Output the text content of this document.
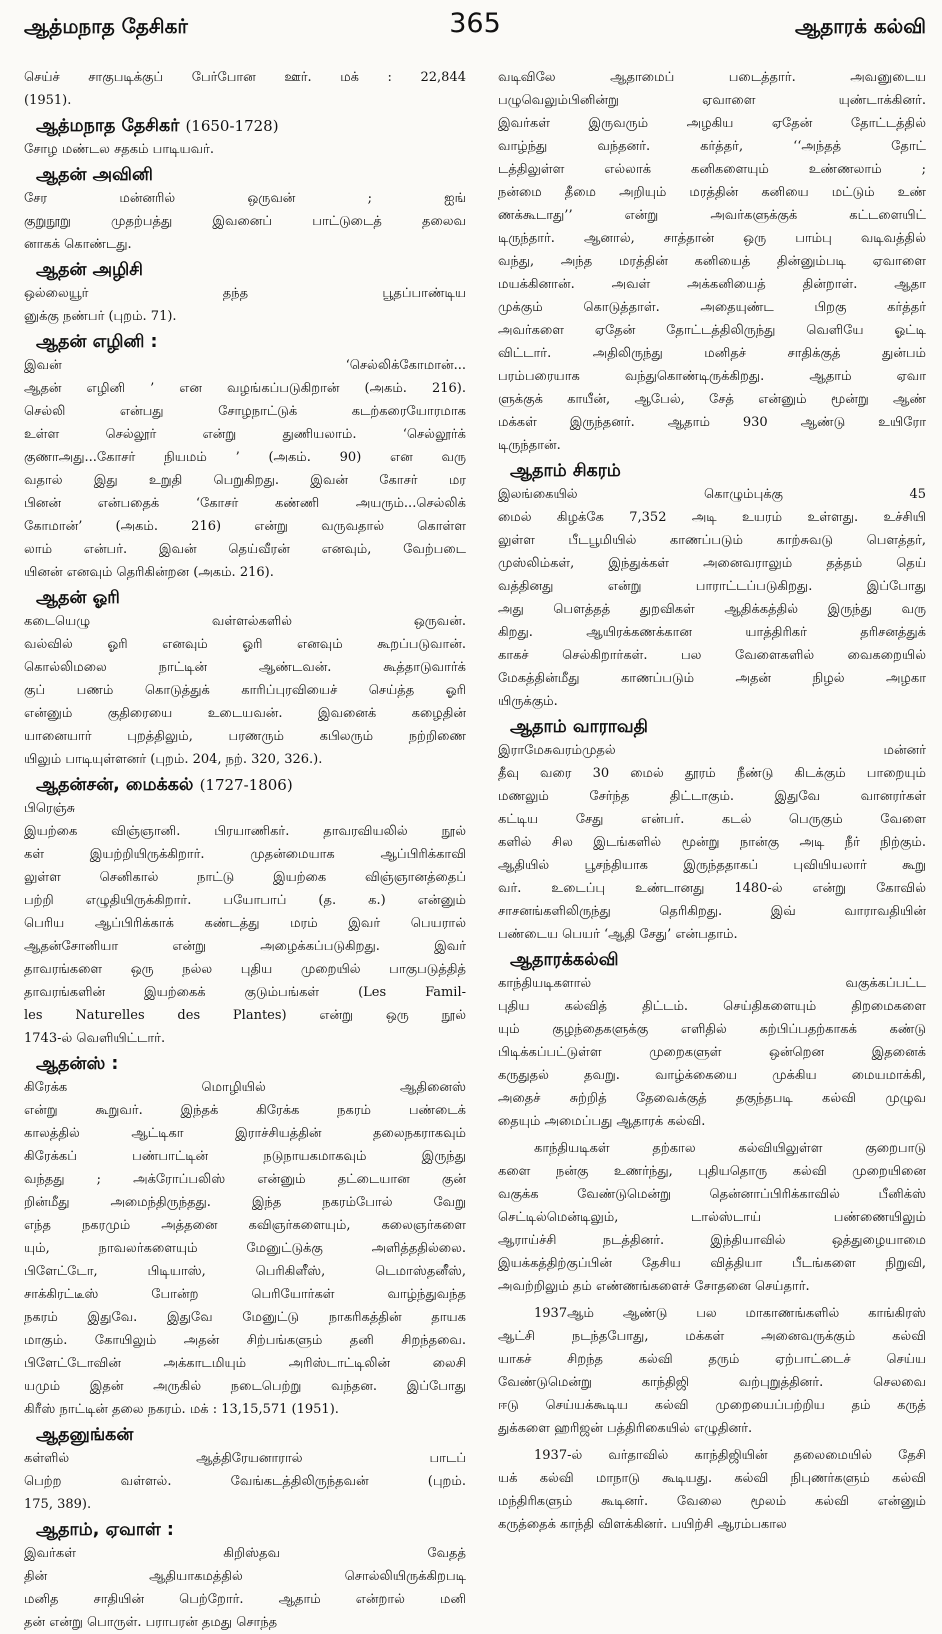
ஆத்மநாத தேசிகர்	365	ஆதாரக் கல்வி
செய்ச் சாகுபடிக்குப் பேர்போன ஊர். மக் : 22,844
(1951).
ஆத்மநாத தேசிகர் (1650-1728)
சோழ மண்டல சதகம் பாடியவர்.
ஆதன் அவினி
சேர மன்னரில் ஒருவன் ; ஐங்
குறுநூறு முதற்பத்து இவனைப் பாட்டுடைத் தலைவ
னாகக் கொண்டது.
ஆதன் அழிசி
ஒல்லையூர் தந்த பூதப்பாண்டிய
னுக்கு நண்பர் (புறம். 71).
ஆதன் எழினி :
இவன் ‘செல்லிக்கோமான்...
ஆதன் எழினி ’ என வழங்கப்படுகிறான் (அகம். 216).
செல்லி என்பது சோழநாட்டுக் கடற்கரையோரமாக
உள்ள செல்லூர் என்று துணியலாம். ‘செல்லூர்க்
குணாஅது...கோசர் நியமம் ’ (அகம். 90) என வரு
வதால் இது உறுதி பெறுகிறது. இவன் கோசர் மர
பினன் என்பதைக் ‘கோசர் கண்ணி அயரும்...செல்லிக்
கோமான்’ (அகம். 216) என்று வருவதால் கொள்ள
லாம் என்பர். இவன் தெய்வீரன் எனவும், வேற்படை
யினன் எனவும் தெரிகின்றன (அகம். 216).
ஆதன் ஓரி
கடையெழு வள்ளல்களில் ஒருவன்.
வல்வில் ஓரி எனவும் ஓரி எனவும் கூறப்படுவான்.
கொல்லிமலை நாட்டின் ஆண்டவன். கூத்தாடுவார்க்
குப் பணம் கொடுத்துக் காரிப்புரவியைச் செய்த்த ஓரி
என்னும் குதிரையை உடையவன். இவனைக் கழைதின்
யானையார் புறத்திலும், பரணரும் கபிலரும் நற்றிணை
யிலும் பாடியுள்ளனர் (புறம். 204, நற். 320, 326.).
ஆதன்சன், மைக்கல் (1727-1806)
பிரெஞ்சு
இயற்கை விஞ்ஞானி. பிரயாணிகர். தாவரவியலில் நூல்
கள் இயற்றியிருக்கிறார். முதன்மையாக ஆப்பிரிக்காவி
லுள்ள செனிகால் நாட்டு இயற்கை விஞ்ஞானத்தைப்
பற்றி எழுதியிருக்கிறார். பயோபாப் (த. க.) என்னும்
பெரிய ஆப்பிரிக்காக் கண்டத்து மரம் இவர் பெயரால்
ஆதன்சோனியா என்று அழைக்கப்படுகிறது. இவர்
தாவரங்களை ஒரு நல்ல புதிய முறையில் பாகுபடுத்தித்
தாவரங்களின் இயற்கைக் குடும்பங்கள் (Les Famil-
les Naturelles des Plantes) என்று ஒரு நூல்
1743-ல் வெளியிட்டார்.
ஆதன்ஸ் :
கிரேக்க மொழியில் ஆதினைஸ்
என்று கூறுவர். இந்தக் கிரேக்க நகரம் பண்டைக்
காலத்தில் ஆட்டிகா இராச்சியத்தின் தலைநகராகவும்
கிரேக்கப் பண்பாட்டின் நடுநாயகமாகவும் இருந்து
வந்தது ; அக்ரோப்பலிஸ் என்னும் தட்டையான குன்
றின்மீது அமைந்திருந்தது. இந்த நகரம்போல் வேறு
எந்த நகரமும் அத்தனை கவிஞர்களையும், கலைஞர்களை
யும், நாவலர்களையும் மேனுட்டுக்கு அளித்ததில்லை.
பிளேட்டோ, பிடியாஸ், பெரிகிளீஸ், டெமாஸ்தனீஸ்,
சாக்கிரட்டீஸ் போன்ற பெரியோர்கள் வாழ்ந்துவந்த
நகரம் இதுவே. இதுவே மேனுட்டு நாகரிகத்தின் தாயக
மாகும். கோயிலும் அதன் சிற்பங்களும் தனி சிறந்தவை.
பிளேட்டோவின் அக்காடமியும் அரிஸ்டாட்டிலின் லைசி
யமும் இதன் அருகில் நடைபெற்று வந்தன. இப்போது
கிரீஸ் நாட்டின் தலை நகரம். மக் : 13,15,571 (1951).
ஆதனுங்கன்
கள்ளில் ஆத்திரேயனாரால் பாடப்
பெற்ற வள்ளல். வேங்கடத்திலிருந்தவன் (புறம்.
175, 389).
ஆதாம், ஏவாள் :
இவர்கள் கிறிஸ்தவ வேதத்
தின் ஆதியாகமத்தில் சொல்லியிருக்கிறபடி
மனித சாதியின் பெற்றோர். ஆதாம் என்றால் மனி
தன் என்று பொருள். பராபரன் தமது சொந்த
வடிவிலே ஆதாமைப் படைத்தார். அவனுடைய
பழுவெலும்பினின்று ஏவாளை யுண்டாக்கினர்.
இவர்கள் இருவரும் அழகிய ஏதேன் தோட்டத்தில்
வாழ்ந்து வந்தனர். கர்த்தர், ‘‘அந்தத் தோட்
டத்திலுள்ள எல்லாக் கனிகளையும் உண்ணலாம் ;
நன்மை தீமை அறியும் மரத்தின் கனியை மட்டும் உண்
ணக்கூடாது’’ என்று அவர்களுக்குக் கட்டளையிட்
டிருந்தார். ஆனால், சாத்தான் ஒரு பாம்பு வடிவத்தில்
வந்து, அந்த மரத்தின் கனியைத் தின்னும்படி ஏவாளை
மயக்கினான். அவள் அக்கனியைத் தின்றாள். ஆதா
முக்கும் கொடுத்தாள். அதையுண்ட பிறகு கர்த்தர்
அவர்களை ஏதேன் தோட்டத்திலிருந்து வெளியே ஓட்டி
விட்டார். அதிலிருந்து மனிதச் சாதிக்குத் துன்பம்
பரம்பரையாக வந்துகொண்டிருக்கிறது. ஆதாம் ஏவா
ளுக்குக் காயீன், ஆபேல், சேத் என்னும் மூன்று ஆண்
மக்கள் இருந்தனர். ஆதாம் 930 ஆண்டு உயிரோ
டிருந்தான்.
ஆதாம் சிகரம்
இலங்கையில் கொழும்புக்கு 45
மைல் கிழக்கே 7,352 அடி உயரம் உள்ளது. உச்சியி
லுள்ள பீடபூமியில் காணப்படும் காற்சுவடு பௌத்தர்,
முஸ்லிம்கள், இந்துக்கள் அனைவராலும் தத்தம் தெய்
வத்தினது என்று பாராட்டப்படுகிறது. இப்போது
அது பௌத்தத் துறவிகள் ஆதிக்கத்தில் இருந்து வரு
கிறது. ஆயிரக்கணக்கான யாத்திரிகர் தரிசனத்துக்
காகச் செல்கிறார்கள். பல வேளைகளில் வைகறையில்
மேகத்தின்மீது காணப்படும் அதன் நிழல் அழகா
யிருக்கும்.
ஆதாம் வாராவதி
இராமேசுவரம்முதல் மன்னர்
தீவு வரை 30 மைல் தூரம் நீண்டு கிடக்கும் பாறையும்
மணலும் சேர்ந்த திட்டாகும். இதுவே வானரர்கள்
கட்டிய சேது என்பர். கடல் பெருகும் வேளை
களில் சில இடங்களில் மூன்று நான்கு அடி நீர் நிற்கும்.
ஆதியில் பூசந்தியாக இருந்ததாகப் புவியியலார் கூறு
வர். உடைப்பு உண்டானது 1480-ல் என்று கோவில்
சாசனங்களிலிருந்து தெரிகிறது. இவ் வாராவதியின்
பண்டைய பெயர் ‘ஆதி சேது’ என்பதாம்.
ஆதாரக்கல்வி
காந்தியடிகளால் வகுக்கப்பட்ட
புதிய கல்வித் திட்டம். செய்திகளையும் திறமைகளை
யும் குழந்தைகளுக்கு எளிதில் கற்பிப்பதற்காகக் கண்டு
பிடிக்கப்பட்டுள்ள முறைகளுள் ஒன்றென இதனைக்
கருதுதல் தவறு. வாழ்க்கையை முக்கிய மையமாக்கி,
அதைச் சுற்றித் தேவைக்குத் தகுந்தபடி கல்வி முழுவ
தையும் அமைப்பது ஆதாரக் கல்வி.
காந்தியடிகள் தற்கால கல்வியிலுள்ள குறைபாடு
களை நன்கு உணர்ந்து, புதியதொரு கல்வி முறையினை
வகுக்க வேண்டுமென்று தென்னாப்பிரிக்காவில் பீனிக்ஸ்
செட்டில்மென்டிலும், டால்ஸ்டாய் பண்ணையிலும்
ஆராய்ச்சி நடத்தினர். இந்தியாவில் ஒத்துழையாமை
இயக்கத்திற்குப்பின் தேசிய வித்தியா பீடங்களை நிறுவி,
அவற்றிலும் தம் எண்ணங்களைச் சோதனை செய்தார்.
1937ஆம் ஆண்டு பல மாகாணங்களில் காங்கிரஸ்
ஆட்சி நடந்தபோது, மக்கள் அனைவருக்கும் கல்வி
யாகச் சிறந்த கல்வி தரும் ஏற்பாட்டைச் செய்ய
வேண்டுமென்று காந்திஜி வற்புறுத்தினர். செலவை
ஈடு செய்யக்கூடிய கல்வி முறையைப்பற்றிய தம் கருத்
துக்களை ஹரிஜன் பத்திரிகையில் எழுதினர்.
1937-ல் வர்தாவில் காந்திஜியின் தலைமையில் தேசி
யக் கல்வி மாநாடு கூடியது. கல்வி நிபுணர்களும் கல்வி
மந்திரிகளும் கூடினர். வேலை மூலம் கல்வி என்னும்
கருத்தைக் காந்தி விளக்கினர். பயிற்சி ஆரம்பகால
